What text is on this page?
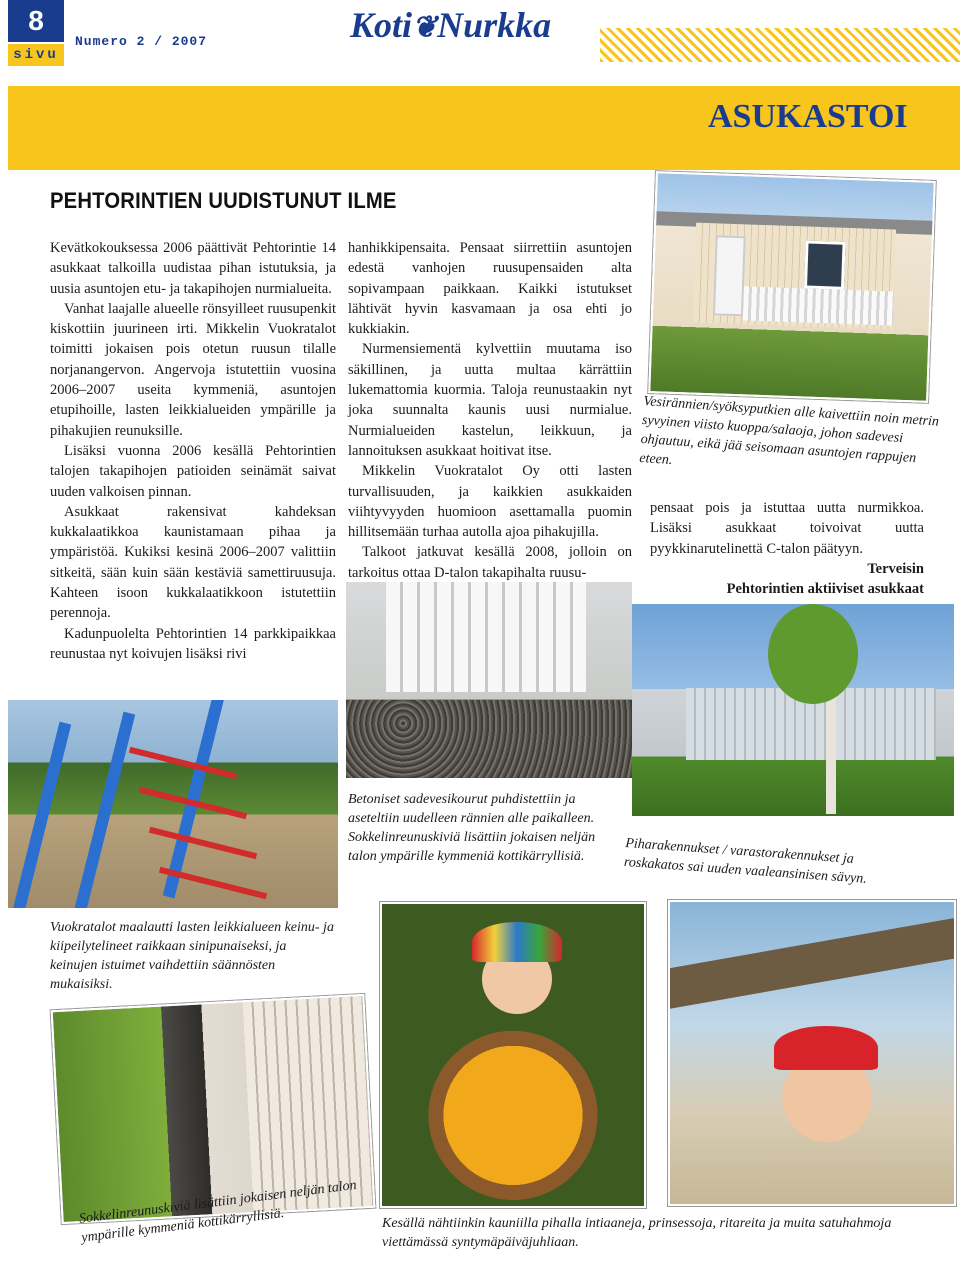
8
sivu
Numero 2 / 2007	Koti❦Nurkka
ASUKASTOI
PEHTORINTIEN UUDISTUNUT ILME

Kevätkokouksessa 2006 päättivät Pehtorintie 14 asukkaat talkoilla uudistaa pihan istutuksia, ja uusia asuntojen etu- ja takapihojen nurmialueita.

Vanhat laajalle alueelle rönsyilleet ruusupenkit kiskottiin juurineen irti. Mikkelin Vuokratalot toimitti jokaisen pois otetun ruusun tilalle norjanangervon. Angervoja istutettiin vuosina 2006–2007 useita kymmeniä, asuntojen etupihoille, lasten leikkialueiden ympärille ja pihakujien reunuksille.

Lisäksi vuonna 2006 kesällä Pehtorintien talojen takapihojen patioiden seinämät saivat uuden valkoisen pinnan.

Asukkaat rakensivat kahdeksan kukkalaatikkoa kaunistamaan pihaa ja ympäristöä. Kukiksi kesinä 2006–2007 valittiin sitkeitä, sään kuin sään kestäviä samettiruusuja. Kahteen isoon kukkalaatikkoon istutettiin perennoja.

Kadunpuolelta Pehtorintien 14 parkkipaikkaa reunustaa nyt koivujen lisäksi rivi

hanhikkipensaita. Pensaat siirrettiin asuntojen edestä vanhojen ruusupensaiden alta sopivampaan paikkaan. Kaikki istutukset lähtivät hyvin kasvamaan ja osa ehti jo kukkiakin.

Nurmensiementä kylvettiin muutama iso säkillinen, ja uutta multaa kärrättiin lukemattomia kuormia. Taloja reunustaakin nyt joka suunnalta kaunis uusi nurmialue. Nurmialueiden kastelun, leikkuun, ja lannoituksen asukkaat hoitivat itse.

Mikkelin Vuokratalot Oy otti lasten turvallisuuden, ja kaikkien asukkaiden viihtyvyyden huomioon asettamalla puomin hillitsemään turhaa autolla ajoa pihakujilla.

Talkoot jatkuvat kesällä 2008, jolloin on tarkoitus ottaa D-talon takapihalta ruusu-

Vesirännien/syöksyputkien alle kaivettiin noin metrin syvyinen viisto kuoppa/salaoja, johon sadevesi ohjautuu, eikä jää seisomaan asuntojen rappujen eteen.

pensaat pois ja istuttaa uutta nurmikkoa. Lisäksi asukkaat toivoivat uutta pyykkinarutelinettä C-talon päätyyn.

Terveisin

Pehtorintien aktiiviset asukkaat

Betoniset sadevesikourut puhdistettiin ja aseteltiin uudelleen rännien alle paikalleen. Sokkelinreunuskiviä lisättiin jokaisen neljän talon ympärille kymmeniä kottikärryllisiä.	Piharakennukset / varastorakennukset ja roskakatos sai uuden vaaleansinisen sävyn.
Vuokratalot maalautti lasten leikkialueen keinu- ja kiipeilytelineet raikkaan sinipunaiseksi, ja keinujen istuimet vaihdettiin säännösten mukaisiksi.
Sokkelinreunuskiviä lisättiin jokaisen neljän talon ympärille kymmeniä kottikärryllisiä.	Kesällä nähtiinkin kauniilla pihalla intiaaneja, prinsessoja, ritareita ja muita satuhahmoja viettämässä syntymäpäiväjuhliaan.
